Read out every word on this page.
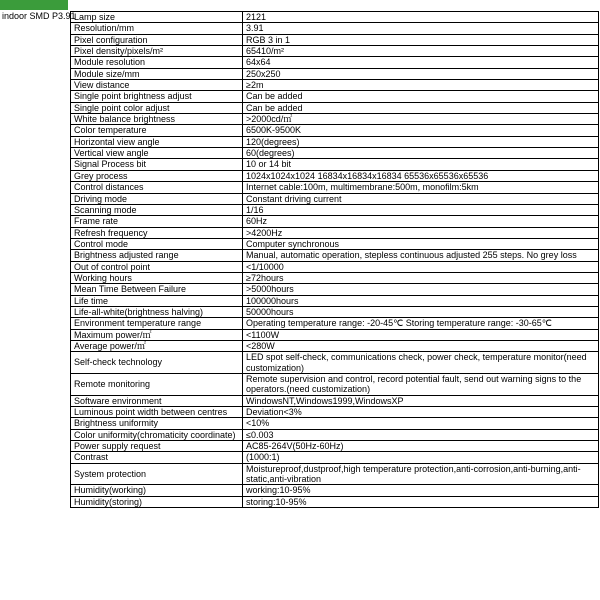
indoor SMD P3.91
Lamp size	2121
Resolution/mm	3.91
Pixel configuration	RGB 3 in 1
Pixel density/pixels/m²	65410/m²
Module resolution	64x64
Module size/mm	250x250
View distance	≥2m
Single point brightness adjust	Can be added
Single point color adjust	Can be added
White balance brightness	>2000cd/㎡
Color temperature	6500K-9500K
Horizontal view angle	120(degrees)
Vertical view angle	60(degrees)
Signal Process bit	10 or 14 bit
Grey process	1024x1024x1024 16834x16834x16834 65536x65536x65536
Control distances	Internet cable:100m, multimembrane:500m, monofilm:5km
Driving mode	Constant driving current
Scanning mode	1/16
Frame rate	60Hz
Refresh frequency	>4200Hz
Control mode	Computer synchronous
Brightness adjusted range	Manual, automatic operation, stepless continuous adjusted 255 steps. No grey loss
Out of control point	<1/10000
Working hours	≥72hours
Mean Time Between Failure	>5000hours
Life time	100000hours
Life-all-white(brightness halving)	50000hours
Environment temperature range	Operating temperature range: -20-45℃ Storing temperature range: -30-65℃
Maximum power/㎡	<1100W
Average power/㎡	<280W
Self-check technology	LED spot self-check, communications check, power check, temperature monitor(need customization)
Remote monitoring	Remote supervision and control, record potential fault, send out warning signs to the operators.(need customization)
Software environment	WindowsNT,Windows1999,WindowsXP
Luminous point width between centres	Deviation<3%
Brightness uniformity	<10%
Color uniformity(chromaticity coordinate)	≤0.003
Power supply request	AC85-264V(50Hz-60Hz)
Contrast	(1000:1)
System protection	Moistureproof,dustproof,high temperature protection,anti-corrosion,anti-burning,anti-static,anti-vibration
Humidity(working)	working:10-95%
Humidity(storing)	storing:10-95%
